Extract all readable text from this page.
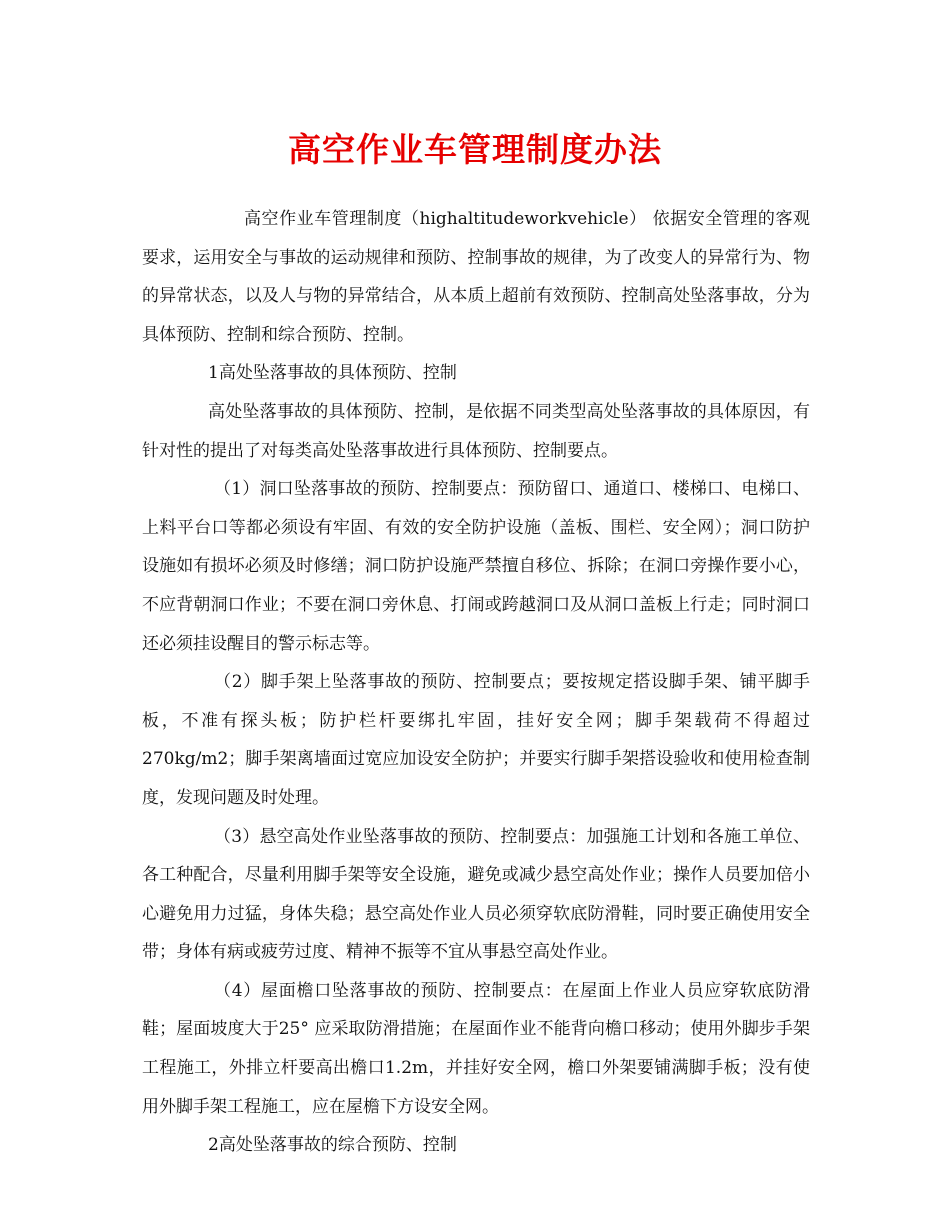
高空作业车管理制度办法

高空作业车管理制度（highaltitudeworkvehicle） 依据安全管理的客观要求，运用安全与事故的运动规律和预防、控制事故的规律，为了改变人的异常行为、物的异常状态，以及人与物的异常结合，从本质上超前有效预防、控制高处坠落事故，分为具体预防、控制和综合预防、控制。

1高处坠落事故的具体预防、控制

高处坠落事故的具体预防、控制，是依据不同类型高处坠落事故的具体原因，有针对性的提出了对每类高处坠落事故进行具体预防、控制要点。

（1）洞口坠落事故的预防、控制要点：预防留口、通道口、楼梯口、电梯口、上料平台口等都必须设有牢固、有效的安全防护设施（盖板、围栏、安全网）；洞口防护设施如有损坏必须及时修缮；洞口防护设施严禁擅自移位、拆除；在洞口旁操作要小心，不应背朝洞口作业；不要在洞口旁休息、打闹或跨越洞口及从洞口盖板上行走；同时洞口还必须挂设醒目的警示标志等。

（2）脚手架上坠落事故的预防、控制要点；要按规定搭设脚手架、铺平脚手板，不准有探头板；防护栏杆要绑扎牢固，挂好安全网；脚手架载荷不得超过270kg/m2；脚手架离墙面过宽应加设安全防护；并要实行脚手架搭设验收和使用检查制度，发现问题及时处理。

（3）悬空高处作业坠落事故的预防、控制要点：加强施工计划和各施工单位、各工种配合，尽量利用脚手架等安全设施，避免或减少悬空高处作业；操作人员要加倍小心避免用力过猛，身体失稳；悬空高处作业人员必须穿软底防滑鞋，同时要正确使用安全带；身体有病或疲劳过度、精神不振等不宜从事悬空高处作业。

（4）屋面檐口坠落事故的预防、控制要点：在屋面上作业人员应穿软底防滑鞋；屋面坡度大于25° 应采取防滑措施；在屋面作业不能背向檐口移动；使用外脚步手架工程施工，外排立杆要高出檐口1.2m，并挂好安全网，檐口外架要铺满脚手板；没有使用外脚手架工程施工，应在屋檐下方设安全网。

2高处坠落事故的综合预防、控制
